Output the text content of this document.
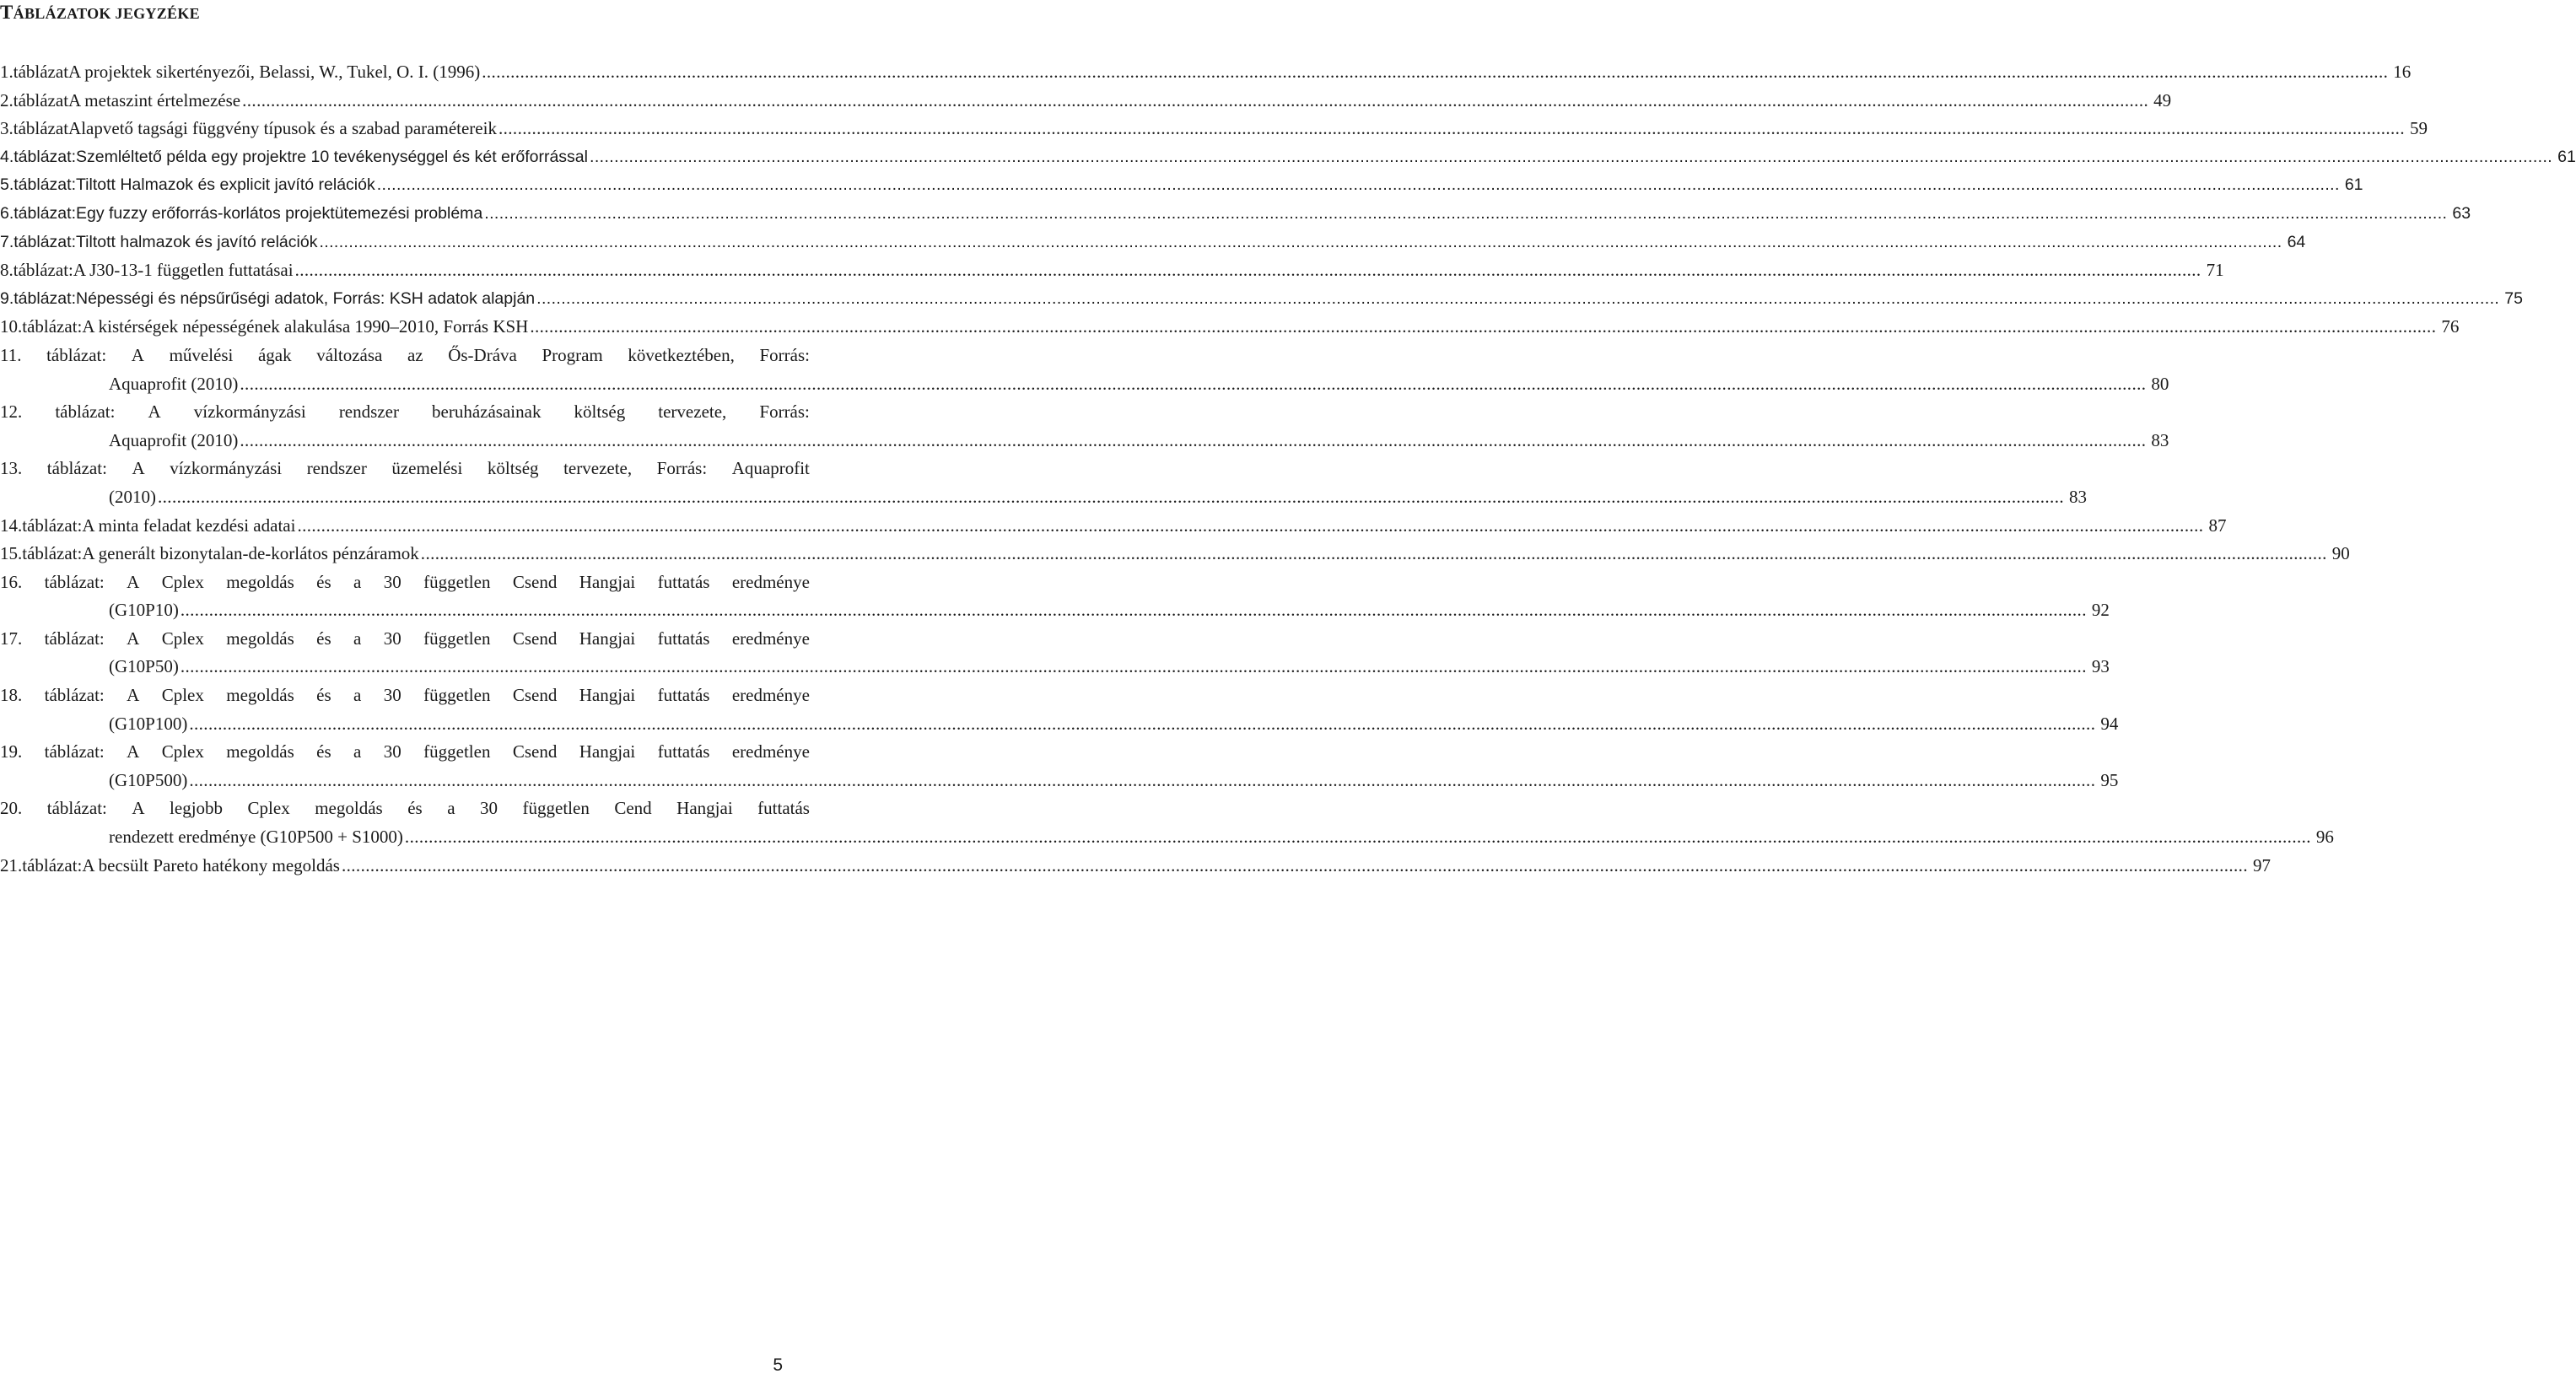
TÁBLÁZATOK JEGYZÉKE
1. táblázat A projektek sikertényezői, Belassi, W., Tukel, O. I. (1996) ................................................................................................................................................................................................................................................................................................................................................................................................................ 16
2. táblázat A metaszint értelmezése ................................................................................................................................................................................................................................................................................................................................................................................................................ 49
3. táblázat Alapvető tagsági függvény típusok és a szabad paramétereik ................................................................................................................................................................................................................................................................................................................................................................................................................ 59
4. táblázat: Szemléltető példa egy projektre 10 tevékenységgel és két erőforrással ................................................................................................................................................................................................................................................................................................................................................................................................................ 61
5. táblázat: Tiltott Halmazok és explicit javító relációk ................................................................................................................................................................................................................................................................................................................................................................................................................ 61
6. táblázat: Egy fuzzy erőforrás-korlátos projektütemezési probléma ................................................................................................................................................................................................................................................................................................................................................................................................................ 63
7. táblázat: Tiltott halmazok és javító relációk ................................................................................................................................................................................................................................................................................................................................................................................................................ 64
8. táblázat: A J30-13-1 független futtatásai ................................................................................................................................................................................................................................................................................................................................................................................................................ 71
9. táblázat: Népességi és népsűrűségi adatok, Forrás: KSH adatok alapján ................................................................................................................................................................................................................................................................................................................................................................................................................ 75
10. táblázat: A kistérségek népességének alakulása 1990–2010, Forrás KSH ................................................................................................................................................................................................................................................................................................................................................................................................................ 76
11. táblázat: A művelési ágak változása az Ős-Dráva Program következtében, Forrás:
Aquaprofit (2010) ................................................................................................................................................................................................................................................................................................................................................................................................................ 80
12. táblázat: A vízkormányzási rendszer beruházásainak költség tervezete, Forrás:
Aquaprofit (2010) ................................................................................................................................................................................................................................................................................................................................................................................................................ 83
13. táblázat: A vízkormányzási rendszer üzemelési költség tervezete, Forrás: Aquaprofit
(2010) ................................................................................................................................................................................................................................................................................................................................................................................................................ 83
14. táblázat: A minta feladat kezdési adatai ................................................................................................................................................................................................................................................................................................................................................................................................................ 87
15. táblázat: A generált bizonytalan-de-korlátos pénzáramok ................................................................................................................................................................................................................................................................................................................................................................................................................ 90
16. táblázat: A Cplex megoldás és a 30 független Csend Hangjai futtatás eredménye
(G10P10) ................................................................................................................................................................................................................................................................................................................................................................................................................ 92
17. táblázat: A Cplex megoldás és a 30 független Csend Hangjai futtatás eredménye
(G10P50) ................................................................................................................................................................................................................................................................................................................................................................................................................ 93
18. táblázat: A Cplex megoldás és a 30 független Csend Hangjai futtatás eredménye
(G10P100) ................................................................................................................................................................................................................................................................................................................................................................................................................ 94
19. táblázat: A Cplex megoldás és a 30 független Csend Hangjai futtatás eredménye
(G10P500) ................................................................................................................................................................................................................................................................................................................................................................................................................ 95
20. táblázat: A legjobb Cplex megoldás és a 30 független Cend Hangjai futtatás
rendezett eredménye (G10P500 + S1000) ................................................................................................................................................................................................................................................................................................................................................................................................................ 96
21. táblázat: A becsült Pareto hatékony megoldás ................................................................................................................................................................................................................................................................................................................................................................................................................ 97
5
